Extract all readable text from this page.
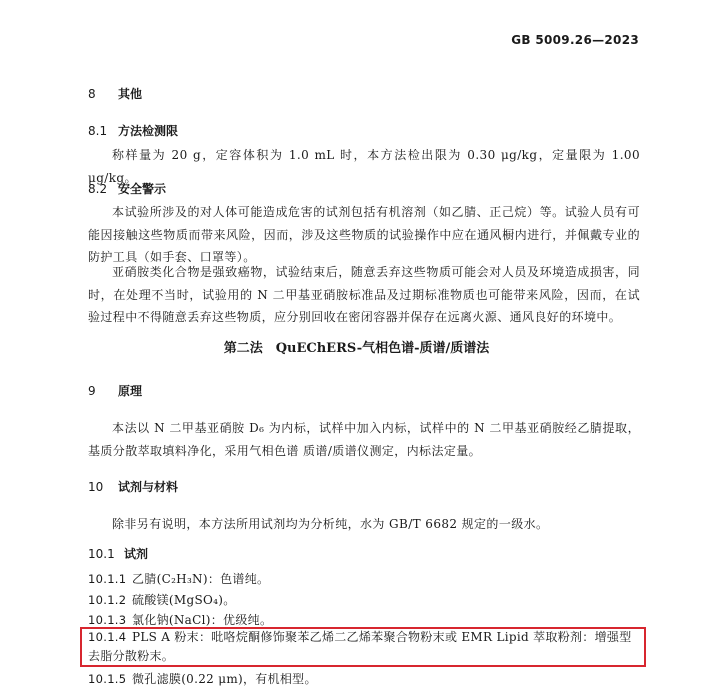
GB 5009.26—2023
8 其他
8.1 方法检测限
称样量为 20 g，定容体积为 1.0 mL 时，本方法检出限为 0.30 μg/kg，定量限为 1.00 μg/kg。
8.2 安全警示
本试验所涉及的对人体可能造成危害的试剂包括有机溶剂（如乙腈、正己烷）等。试验人员有可能因接触这些物质而带来风险，因而，涉及这些物质的试验操作中应在通风橱内进行，并佩戴专业的防护工具（如手套、口罩等）。
亚硝胺类化合物是强致癌物，试验结束后，随意丢弃这些物质可能会对人员及环境造成损害，同时，在处理不当时，试验用的 N 二甲基亚硝胺标准品及过期标准物质也可能带来风险，因而，在试验过程中不得随意丢弃这些物质，应分别回收在密闭容器并保存在远离火源、通风良好的环境中。
第二法　QuEChERS-气相色谱-质谱/质谱法
9 原理
本法以 N 二甲基亚硝胺 D₆ 为内标，试样中加入内标，试样中的 N 二甲基亚硝胺经乙腈提取，基质分散萃取填料净化，采用气相色谱 质谱/质谱仪测定，内标法定量。
10 试剂与材料
除非另有说明，本方法所用试剂均为分析纯，水为 GB/T 6682 规定的一级水。
10.1 试剂
10.1.1 乙腈(C₂H₃N)：色谱纯。
10.1.2 硫酸镁(MgSO₄)。
10.1.3 氯化钠(NaCl)：优级纯。
10.1.4 PLS A 粉末：吡咯烷酮修饰聚苯乙烯二乙烯苯聚合物粉末或 EMR Lipid 萃取粉剂：增强型去脂分散粉末。
10.1.5 微孔滤膜(0.22 μm)，有机相型。
